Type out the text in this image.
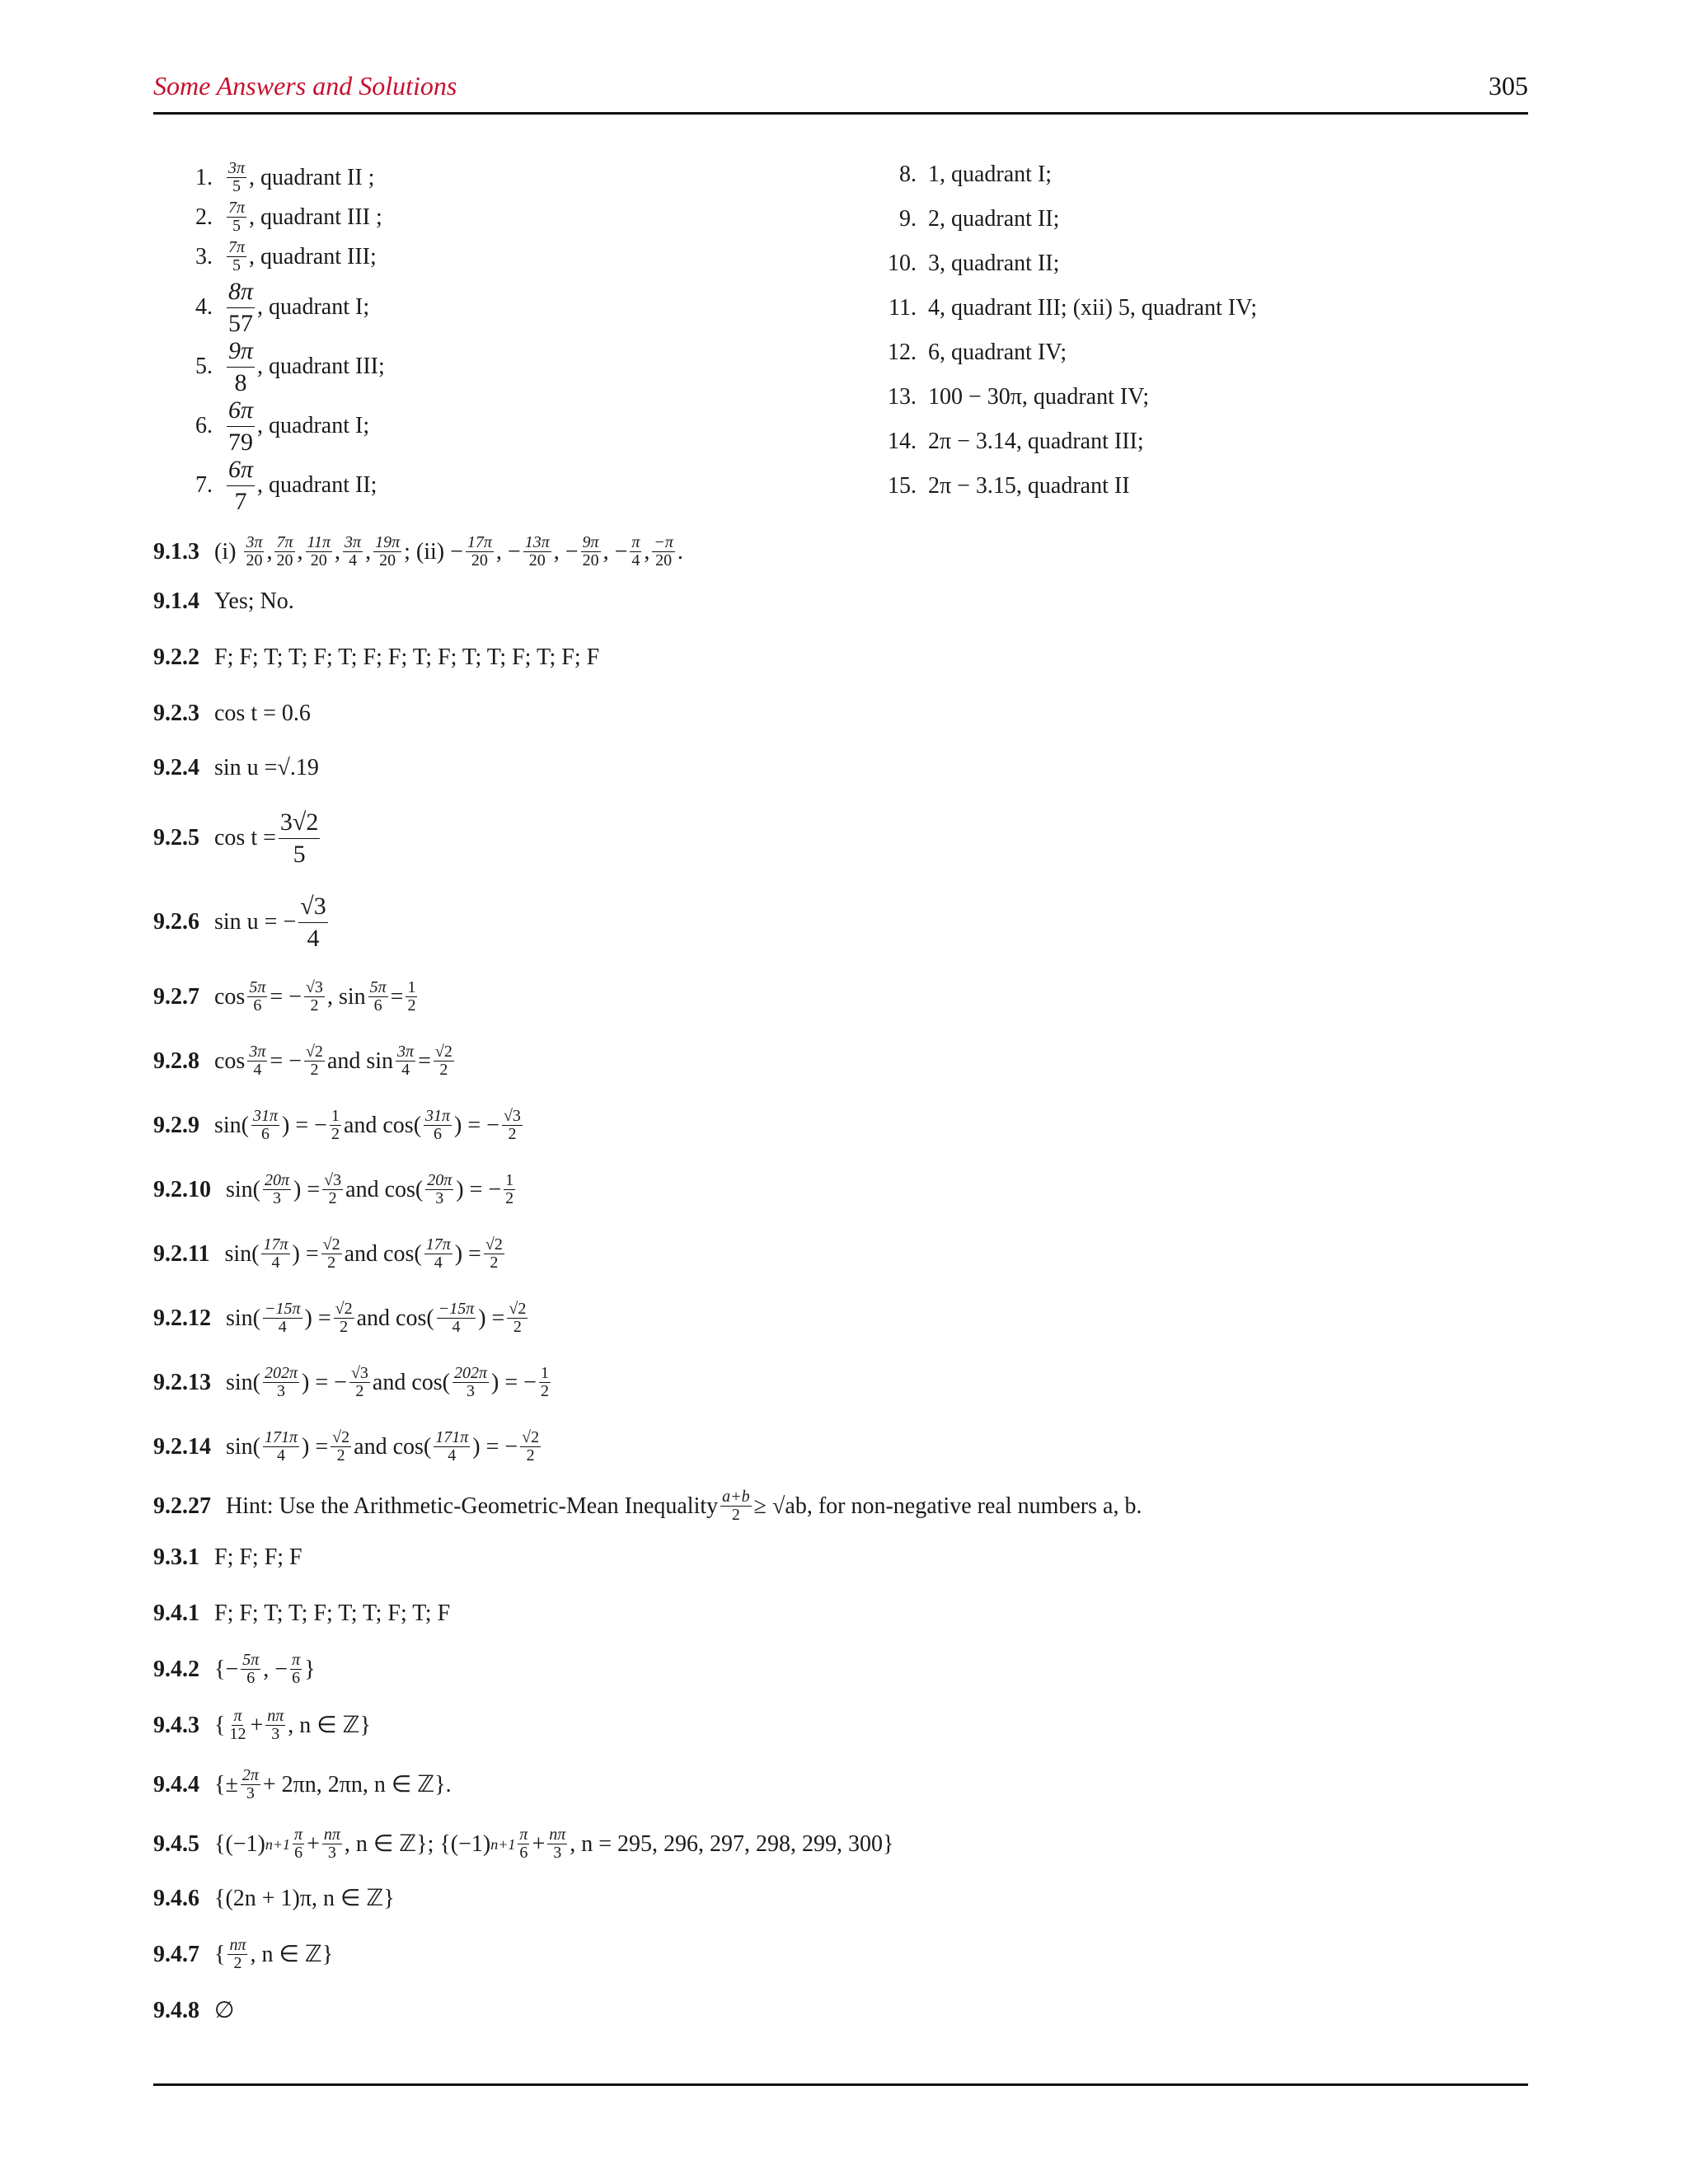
Some Answers and Solutions	305
1. $\frac{3\pi}{5}$ , quadrant II ;
2. $\frac{7\pi}{5}$ , quadrant III ;
3. $\frac{7\pi}{5}$ , quadrant III;
4. $\frac{8\pi}{57}$ , quadrant I;
5. $\frac{9\pi}{8}$ , quadrant III;
6. $\frac{6\pi}{79}$ , quadrant I;
7. $\frac{6\pi}{7}$ , quadrant II;
8. 1, quadrant I;
9. 2, quadrant II;
10. 3, quadrant II;
11. 4, quadrant III; (xii) 5, quadrant IV;
12. 6, quadrant IV;
13. 100 − 30π, quadrant IV;
14. 2π − 3.14, quadrant III;
15. 2π − 3.15, quadrant II
9.1.3 (i)
$\frac{3\pi}{20}$ , $\frac{7\pi}{20}$ , $\frac{11\pi}{20}$ , $\frac{3\pi}{4}$ , $\frac{19\pi}{20}$ ; $(ii) - \frac{17\pi}{20}$ , − $\frac{13\pi}{20}$ , − $\frac{9\pi}{20}$ , − $\frac{\pi}{4}$ , $\frac{-\pi}{20}$ .
9.1.4 Yes; No.
9.2.2 F; F; T; T; F; T; F; F; T; F; T; T; F; T; F; F
9.2.3 cos t = 0.6
9.2.4 sin u = √.19
9.2.5 $\cos t = \frac{3√2}{5}$
9.2.6 sin u = − $\frac{√3}{4}$
9.2.7 $\cos \frac{5\pi}{6}$ = − $\frac{√3}{2}$ , $\sin \frac{5\pi}{6} = \frac{1}{2}$
9.2.8 $\cos \frac{3\pi}{4}$ = − $\frac{√2}{2}$ and $\sin \frac{3\pi}{4} = \frac{√2}{2}$
9.2.9 $\sin( \frac{31\pi}{6}$ ) = − $\frac{1}{2}$ and $\cos( \frac{31\pi}{6}$ ) = − $\frac{√3}{2}$
9.2.10 $\sin( \frac{20\pi}{3}$ ) = $\frac{√3}{2}$ and $\cos( \frac{20\pi}{3}$ ) = − $\frac{1}{2}$
9.2.11 $\sin( \frac{17\pi}{4}$ ) = $\frac{√2}{2}$ and $\cos( \frac{17\pi}{4}$ ) = $\frac{√2}{2}$
9.2.12 $\sin( \frac{-15\pi}{4}$ ) = $\frac{√2}{2}$ and $\cos( \frac{-15\pi}{4}$ ) = $\frac{√2}{2}$
9.2.13 $\sin( \frac{202\pi}{3}$ ) = − $\frac{√3}{2}$ and $\cos( \frac{202\pi}{3}$ ) = − $\frac{1}{2}$
9.2.14 $\sin( \frac{171\pi}{4}$ ) = $\frac{√2}{2}$ and $\cos( \frac{171\pi}{4}$ ) = − $\frac{√2}{2}$
9.2.27 Hint: Use the Arithmetic-Geometric-Mean Inequality $\frac{a+b}{2} \ge √ab$, for non-negative real numbers a, b.
9.3.1 F; F; F; F
9.4.1 F; F; T; T; F; T; T; F; T; F
9.4.2 {− $\frac{5\pi}{6}$ , − $\frac{\pi}{6}$ }
9.4.3 { $\frac{\pi}{12} + \frac{n\pi}{3}$ , n ∈ ℤ}
9.4.4 {± $\frac{2\pi}{3} + 2\pi n$, 2πn, n ∈ ℤ}.
9.4.5 {(−1) $n+1 \frac{\pi}{6} + \frac{n\pi}{3}$ , n ∈ ℤ}; {(−1) $n+1 \frac{\pi}{6} + \frac{n\pi}{3}$ , n = 295, 296, 297, 298, 299, 300}
9.4.6 {(2n + 1)π, n ∈ ℤ}
9.4.7 { $\frac{n\pi}{2}$ , n ∈ ℤ}
9.4.8 ∅
